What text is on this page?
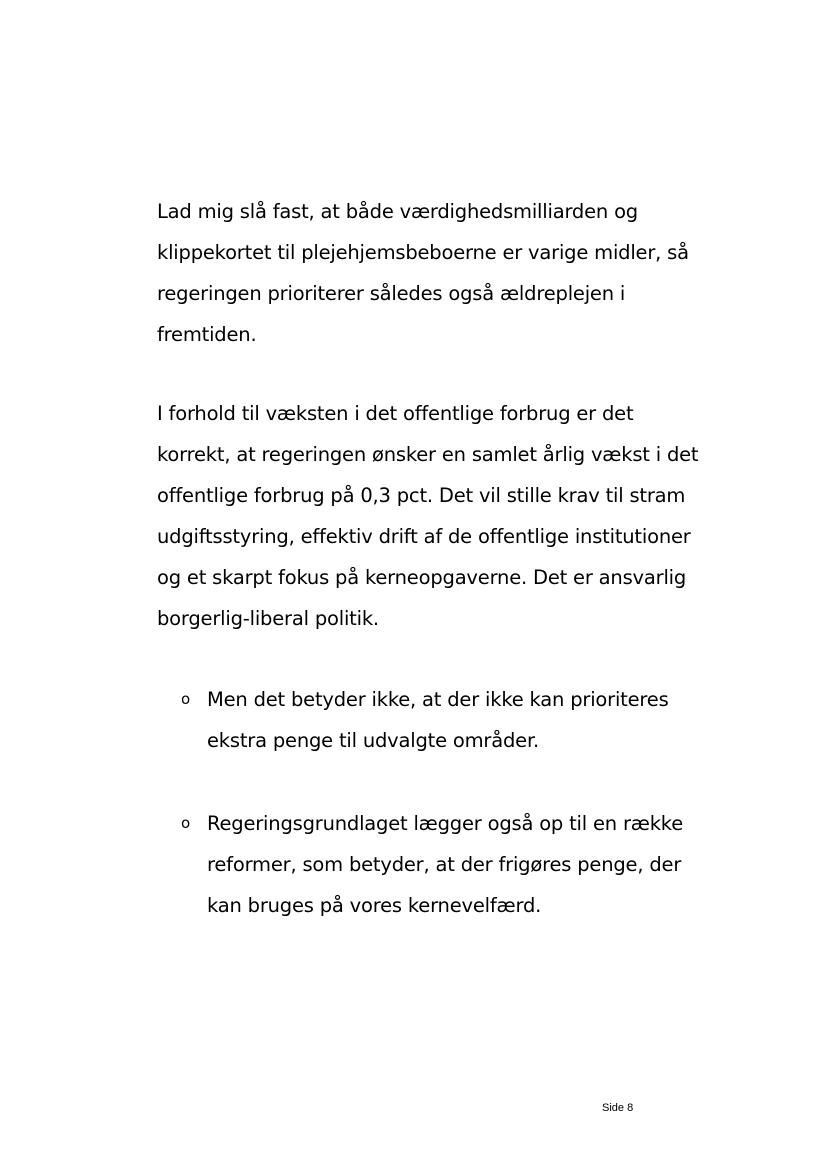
Lad mig slå fast, at både værdighedsmilliarden og
klippekortet til plejehjemsbeboerne er varige midler, så
regeringen prioriterer således også ældreplejen i
fremtiden.

I forhold til væksten i det offentlige forbrug er det
korrekt, at regeringen ønsker en samlet årlig vækst i det
offentlige forbrug på 0,3 pct. Det vil stille krav til stram
udgiftsstyring, effektiv drift af de offentlige institutioner
og et skarpt fokus på kerneopgaverne. Det er ansvarlig
borgerlig-liberal politik.

o Men det betyder ikke, at der ikke kan prioriteres
ekstra penge til udvalgte områder.
o Regeringsgrundlaget lægger også op til en række
reformer, som betyder, at der frigøres penge, der
kan bruges på vores kernevelfærd.
Side 8
